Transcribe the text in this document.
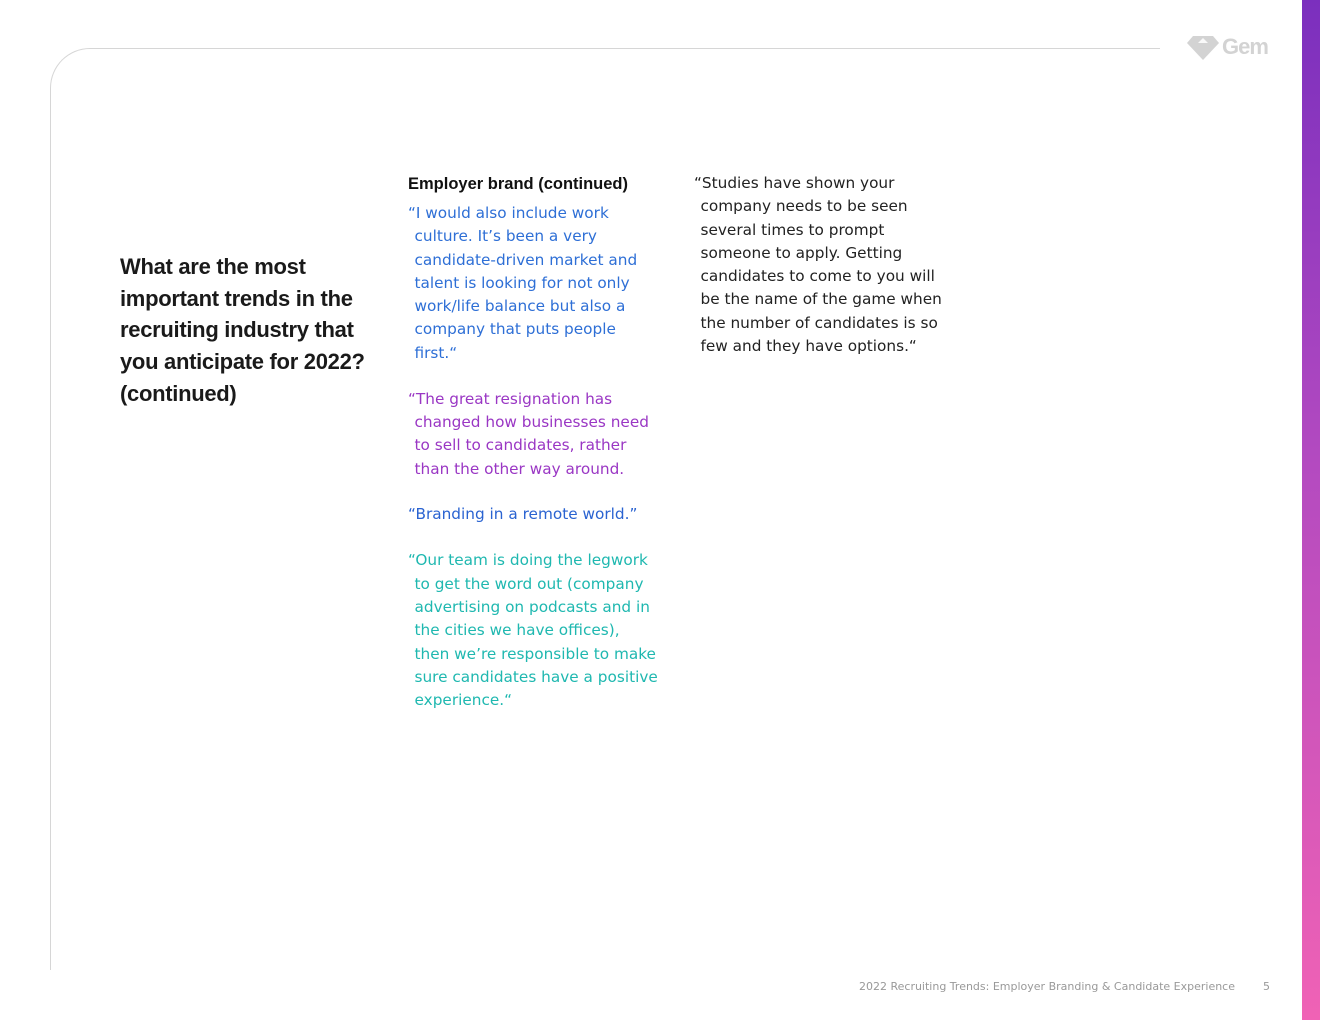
Gem
What are the most important trends in the recruiting industry that you anticipate for 2022? (continued)
Employer brand (continued)

“I would also include work culture. It’s been a very candidate-driven market and talent is looking for not only work/life balance but also a company that puts people first.“

“The great resignation has changed how businesses need to sell to candidates, rather than the other way around.

“Branding in a remote world.”

“Our team is doing the legwork to get the word out (company advertising on podcasts and in the cities we have offices), then we’re responsible to make sure candidates have a positive experience.“

“Studies have shown your company needs to be seen several times to prompt someone to apply. Getting candidates to come to you will be the name of the game when the number of candidates is so few and they have options.“

2022 Recruiting Trends: Employer Branding & Candidate Experience	5
